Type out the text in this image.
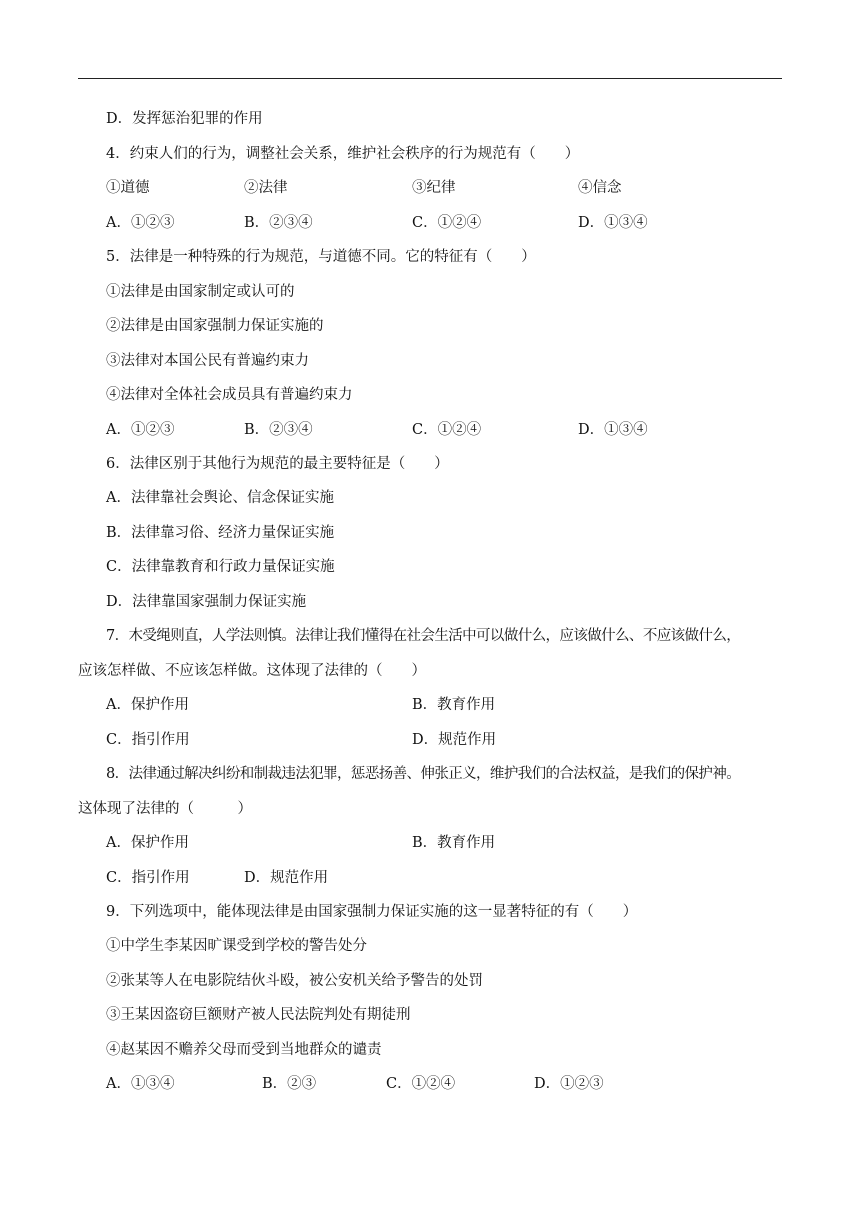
D．发挥惩治犯罪的作用
4．约束人们的行为，调整社会关系，维护社会秩序的行为规范有（　　）
①道德	②法律	③纪律	④信念
A．①②③	B．②③④	C．①②④	D．①③④
5．法律是一种特殊的行为规范，与道德不同。它的特征有（　　）
①法律是由国家制定或认可的
②法律是由国家强制力保证实施的
③法律对本国公民有普遍约束力
④法律对全体社会成员具有普遍约束力
A．①②③	B．②③④	C．①②④	D．①③④
6．法律区别于其他行为规范的最主要特征是（　　）
A．法律靠社会舆论、信念保证实施
B．法律靠习俗、经济力量保证实施
C．法律靠教育和行政力量保证实施
D．法律靠国家强制力保证实施
7．木受绳则直，人学法则慎。法律让我们懂得在社会生活中可以做什么，应该做什么、不应该做什么，
应该怎样做、不应该怎样做。这体现了法律的（　　）
A．保护作用	B．教育作用
C．指引作用	D．规范作用
8．法律通过解决纠纷和制裁违法犯罪，惩恶扬善、伸张正义，维护我们的合法权益，是我们的保护神。
这体现了法律的（　　　）
A．保护作用	B．教育作用
C．指引作用	D．规范作用
9．下列选项中，能体现法律是由国家强制力保证实施的这一显著特征的有（　　）
①中学生李某因旷课受到学校的警告处分
②张某等人在电影院结伙斗殴，被公安机关给予警告的处罚
③王某因盗窃巨额财产被人民法院判处有期徒刑
④赵某因不赡养父母而受到当地群众的谴责
A．①③④	B．②③	C．①②④	D．①②③
